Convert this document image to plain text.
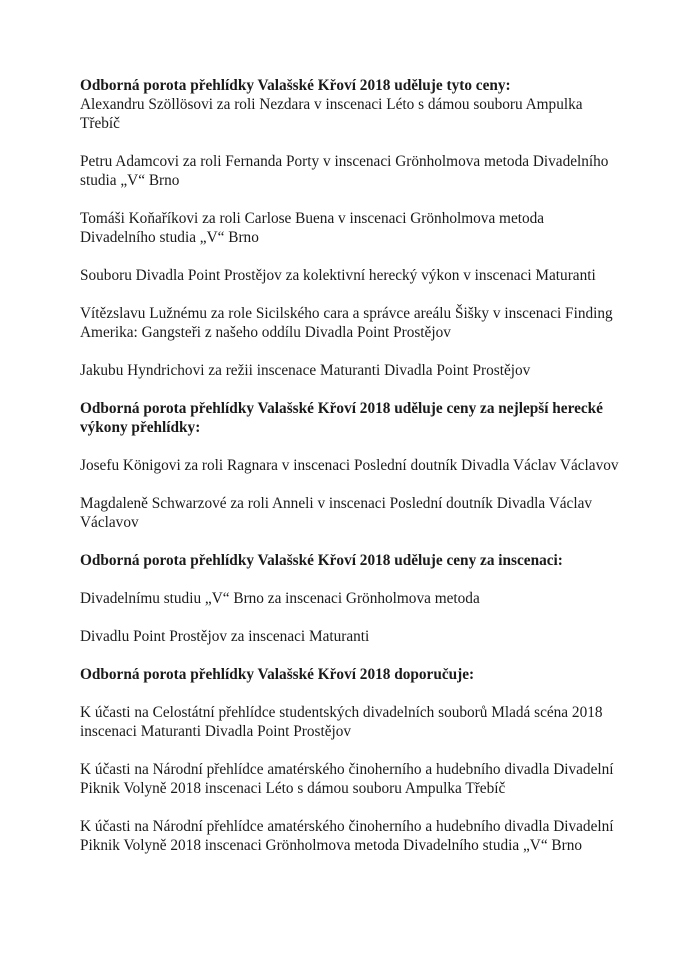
Odborná porota přehlídky Valašské Křoví 2018 uděluje tyto ceny:

Alexandru Szöllösovi za roli Nezdara v inscenaci Léto s dámou souboru Ampulka Třebíč

Petru Adamcovi za roli Fernanda Porty v inscenaci Grönholmova metoda Divadelního studia „V“ Brno

Tomáši Koňaříkovi za roli Carlose Buena v inscenaci Grönholmova metoda Divadelního studia „V“ Brno

Souboru Divadla Point Prostějov za kolektivní herecký výkon v inscenaci Maturanti

Vítězslavu Lužnému za role Sicilského cara a správce areálu Šišky v inscenaci Finding Amerika: Gangsteři z našeho oddílu Divadla Point Prostějov

Jakubu Hyndrichovi za režii inscenace Maturanti Divadla Point Prostějov

Odborná porota přehlídky Valašské Křoví 2018 uděluje ceny za nejlepší herecké výkony přehlídky:

Josefu Königovi za roli Ragnara v inscenaci Poslední doutník Divadla Václav Václavov

Magdaleně Schwarzové za roli Anneli v inscenaci Poslední doutník Divadla Václav Václavov

Odborná porota přehlídky Valašské Křoví 2018 uděluje ceny za inscenaci:

Divadelnímu studiu „V“ Brno za inscenaci Grönholmova metoda

Divadlu Point Prostějov za inscenaci Maturanti

Odborná porota přehlídky Valašské Křoví 2018 doporučuje:

K účasti na Celostátní přehlídce studentských divadelních souborů Mladá scéna 2018 inscenaci Maturanti Divadla Point Prostějov

K účasti na Národní přehlídce amatérského činoherního a hudebního divadla Divadelní Piknik Volyně 2018 inscenaci Léto s dámou souboru Ampulka Třebíč

K účasti na Národní přehlídce amatérského činoherního a hudebního divadla Divadelní Piknik Volyně 2018 inscenaci Grönholmova metoda Divadelního studia „V“ Brno
